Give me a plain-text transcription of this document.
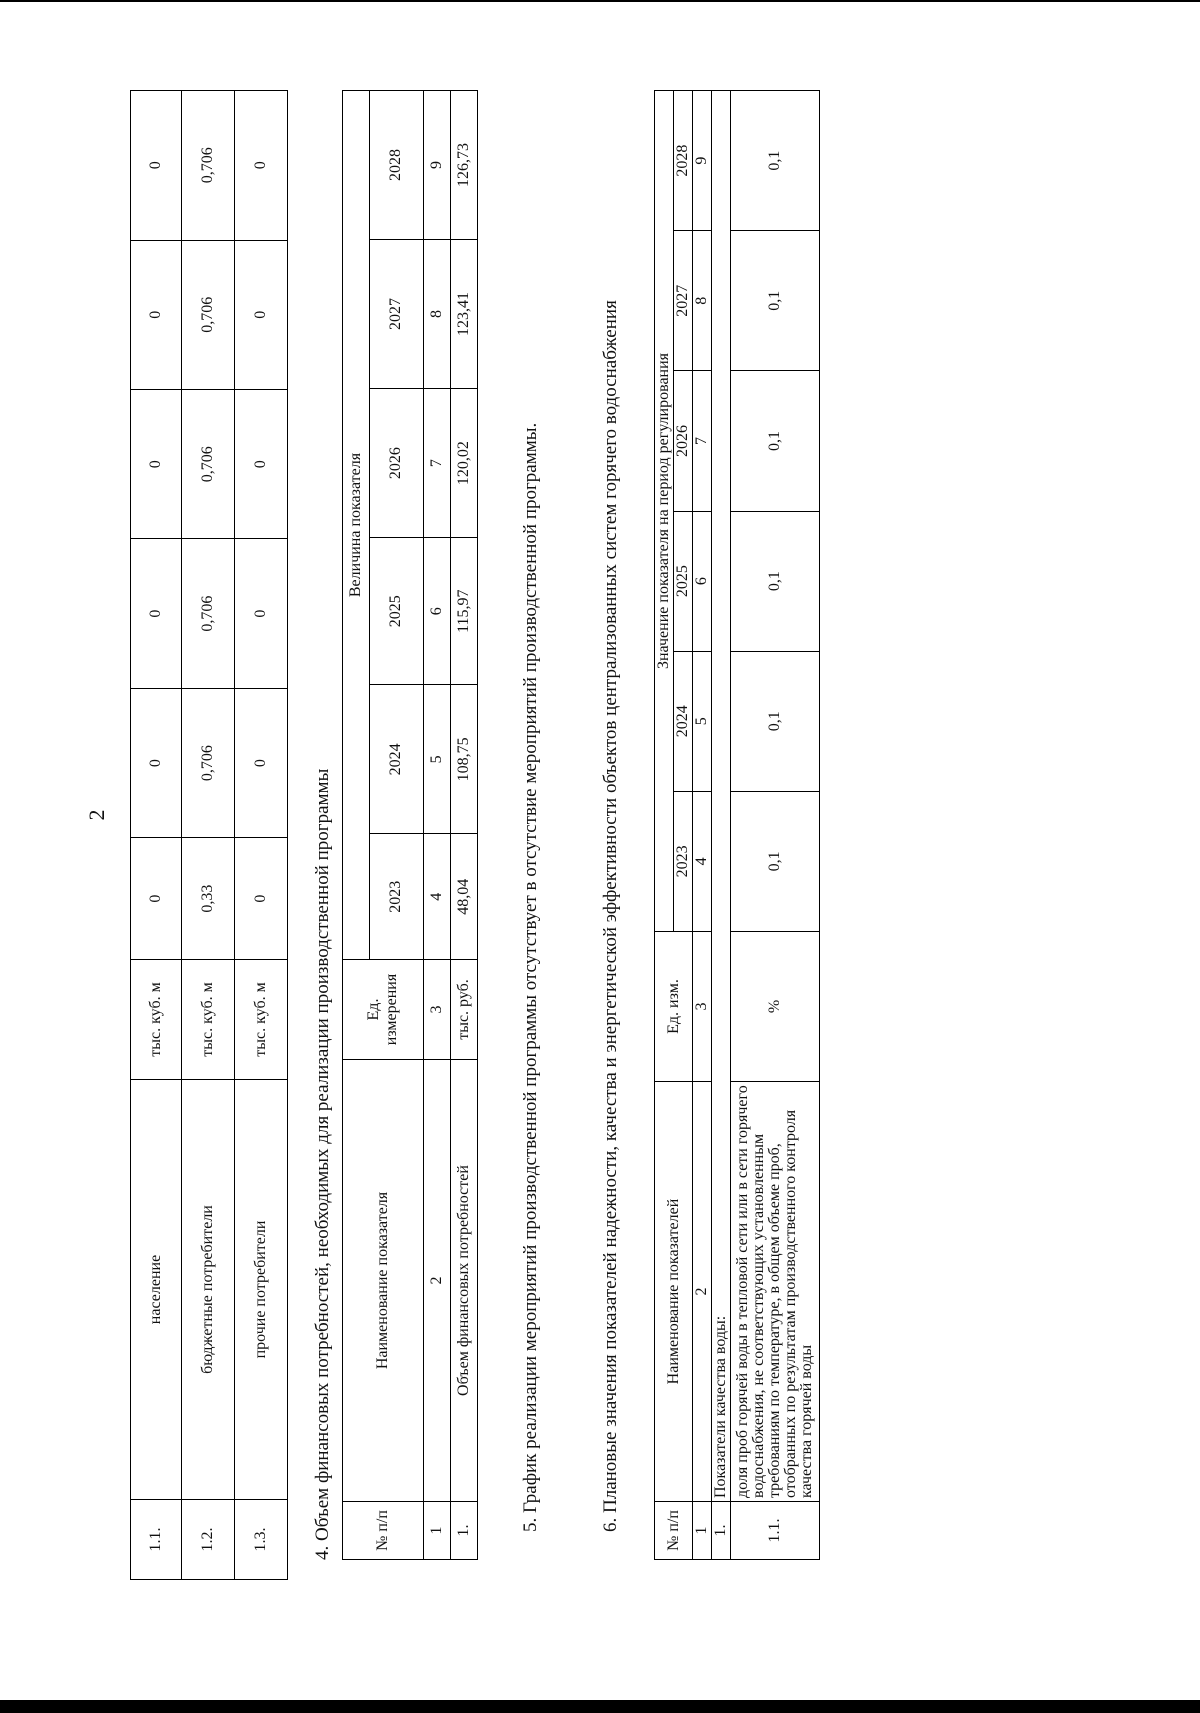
2
1.1.	население	тыс. куб. м	0	0	0	0	0	0
1.2.	бюджетные потребители	тыс. куб. м	0,33	0,706	0,706	0,706	0,706	0,706
1.3.	прочие потребители	тыс. куб. м	0	0	0	0	0	0
4. Объем финансовых потребностей, необходимых для реализации производственной программы	№ п/п	Наименование показателя	Ед. измерения	Величина показателя					
			2023	2024	2025	2026	2027	2028
1	2	3	4	5	6	7	8	9
1.	Объем финансовых потребностей	тыс. руб.	48,04	108,75	115,97	120,02	123,41	126,73
5. График реализации мероприятий производственной программы отсутствует в отсутствие мероприятий производственной программы.	6. Плановые значения показателей надежности, качества и энергетической эффективности объектов централизованных систем горячего водоснабжения	№ п/п	Наименование показателей	Ед. изм.	Значение показателя на период регулирования					
			2023	2024	2025	2026	2027	2028
1	2	3	4	5	6	7	8	9
1.	Показатели качества воды:							
1.1.	доля проб горячей воды в тепловой сети или в сети горячего водоснабжения, не соответствующих установленным требованиям по температуре, в общем объеме проб, отобранных по результатам производственного контроля качества горячей воды	%	0,1	0,1	0,1	0,1	0,1	0,1
